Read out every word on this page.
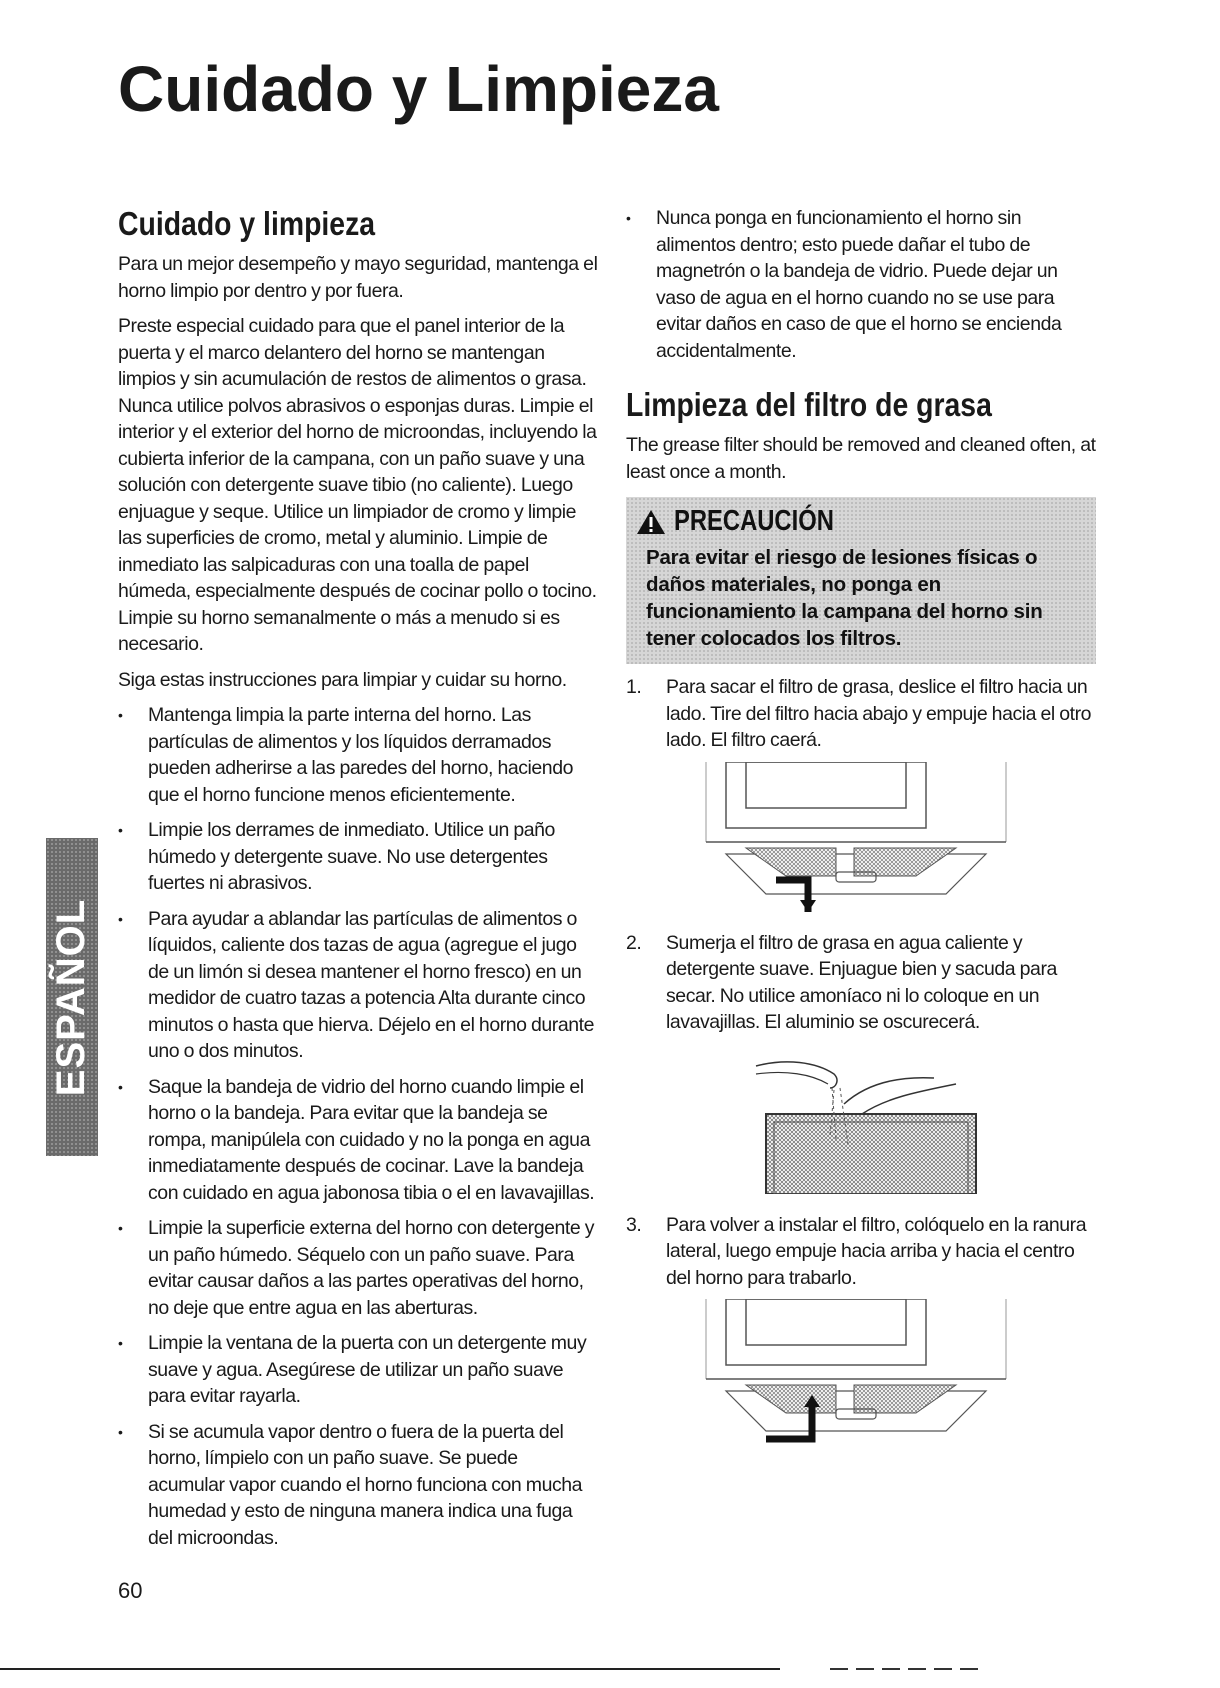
Cuidado y Limpieza
ESPAÑOL
Cuidado y limpieza

Para un mejor desempeño y mayo seguridad, mantenga el horno limpio por dentro y por fuera.

Preste especial cuidado para que el panel interior de la puerta y el marco delantero del horno se mantengan limpios y sin acumulación de restos de alimentos o grasa. Nunca utilice polvos abrasivos o esponjas duras. Limpie el interior y el exterior del horno de microondas, incluyendo la cubierta inferior de la campana, con un paño suave y una solución con detergente suave tibio (no caliente). Luego enjuague y seque. Utilice un limpiador de cromo y limpie las superficies de cromo, metal y aluminio. Limpie de inmediato las salpicaduras con una toalla de papel húmeda, especialmente después de cocinar pollo o tocino. Limpie su horno semanalmente o más a menudo si es necesario.

Siga estas instrucciones para limpiar y cuidar su horno.

• Mantenga limpia la parte interna del horno. Las partículas de alimentos y los líquidos derramados pueden adherirse a las paredes del horno, haciendo que el horno funcione menos eficientemente.
• Limpie los derrames de inmediato. Utilice un paño húmedo y detergente suave. No use detergentes fuertes ni abrasivos.
• Para ayudar a ablandar las partículas de alimentos o líquidos, caliente dos tazas de agua (agregue el jugo de un limón si desea mantener el horno fresco) en un medidor de cuatro tazas a potencia Alta durante cinco minutos o hasta que hierva. Déjelo en el horno durante uno o dos minutos.
• Saque la bandeja de vidrio del horno cuando limpie el horno o la bandeja. Para evitar que la bandeja se rompa, manipúlela con cuidado y no la ponga en agua inmediatamente después de cocinar. Lave la bandeja con cuidado en agua jabonosa tibia o el en lavavajillas.
• Limpie la superficie externa del horno con detergente y un paño húmedo. Séquelo con un paño suave. Para evitar causar daños a las partes operativas del horno, no deje que entre agua en las aberturas.
• Limpie la ventana de la puerta con un detergente muy suave y agua. Asegúrese de utilizar un paño suave para evitar rayarla.
• Si se acumula vapor dentro o fuera de la puerta del horno, límpielo con un paño suave. Se puede acumular vapor cuando el horno funciona con mucha humedad y esto de ninguna manera indica una fuga del microondas.
• Nunca ponga en funcionamiento el horno sin alimentos dentro; esto puede dañar el tubo de magnetrón o la bandeja de vidrio. Puede dejar un vaso de agua en el horno cuando no se use para evitar daños en caso de que el horno se encienda accidentalmente.
Limpieza del filtro de grasa

The grease filter should be removed and cleaned often, at least once a month.

PRECAUCIÓN
Para evitar el riesgo de lesiones físicas o daños materiales, no ponga en funcionamiento la campana del horno sin tener colocados los filtros.
1. Para sacar el filtro de grasa, deslice el filtro hacia un lado. Tire del filtro hacia abajo y empuje hacia el otro lado. El filtro caerá.
2. Sumerja el filtro de grasa en agua caliente y detergente suave. Enjuague bien y sacuda para secar. No utilice amoníaco ni lo coloque en un lavavajillas. El aluminio se oscurecerá.
3. Para volver a instalar el filtro, colóquelo en la ranura lateral, luego empuje hacia arriba y hacia el centro del horno para trabarlo.
60
